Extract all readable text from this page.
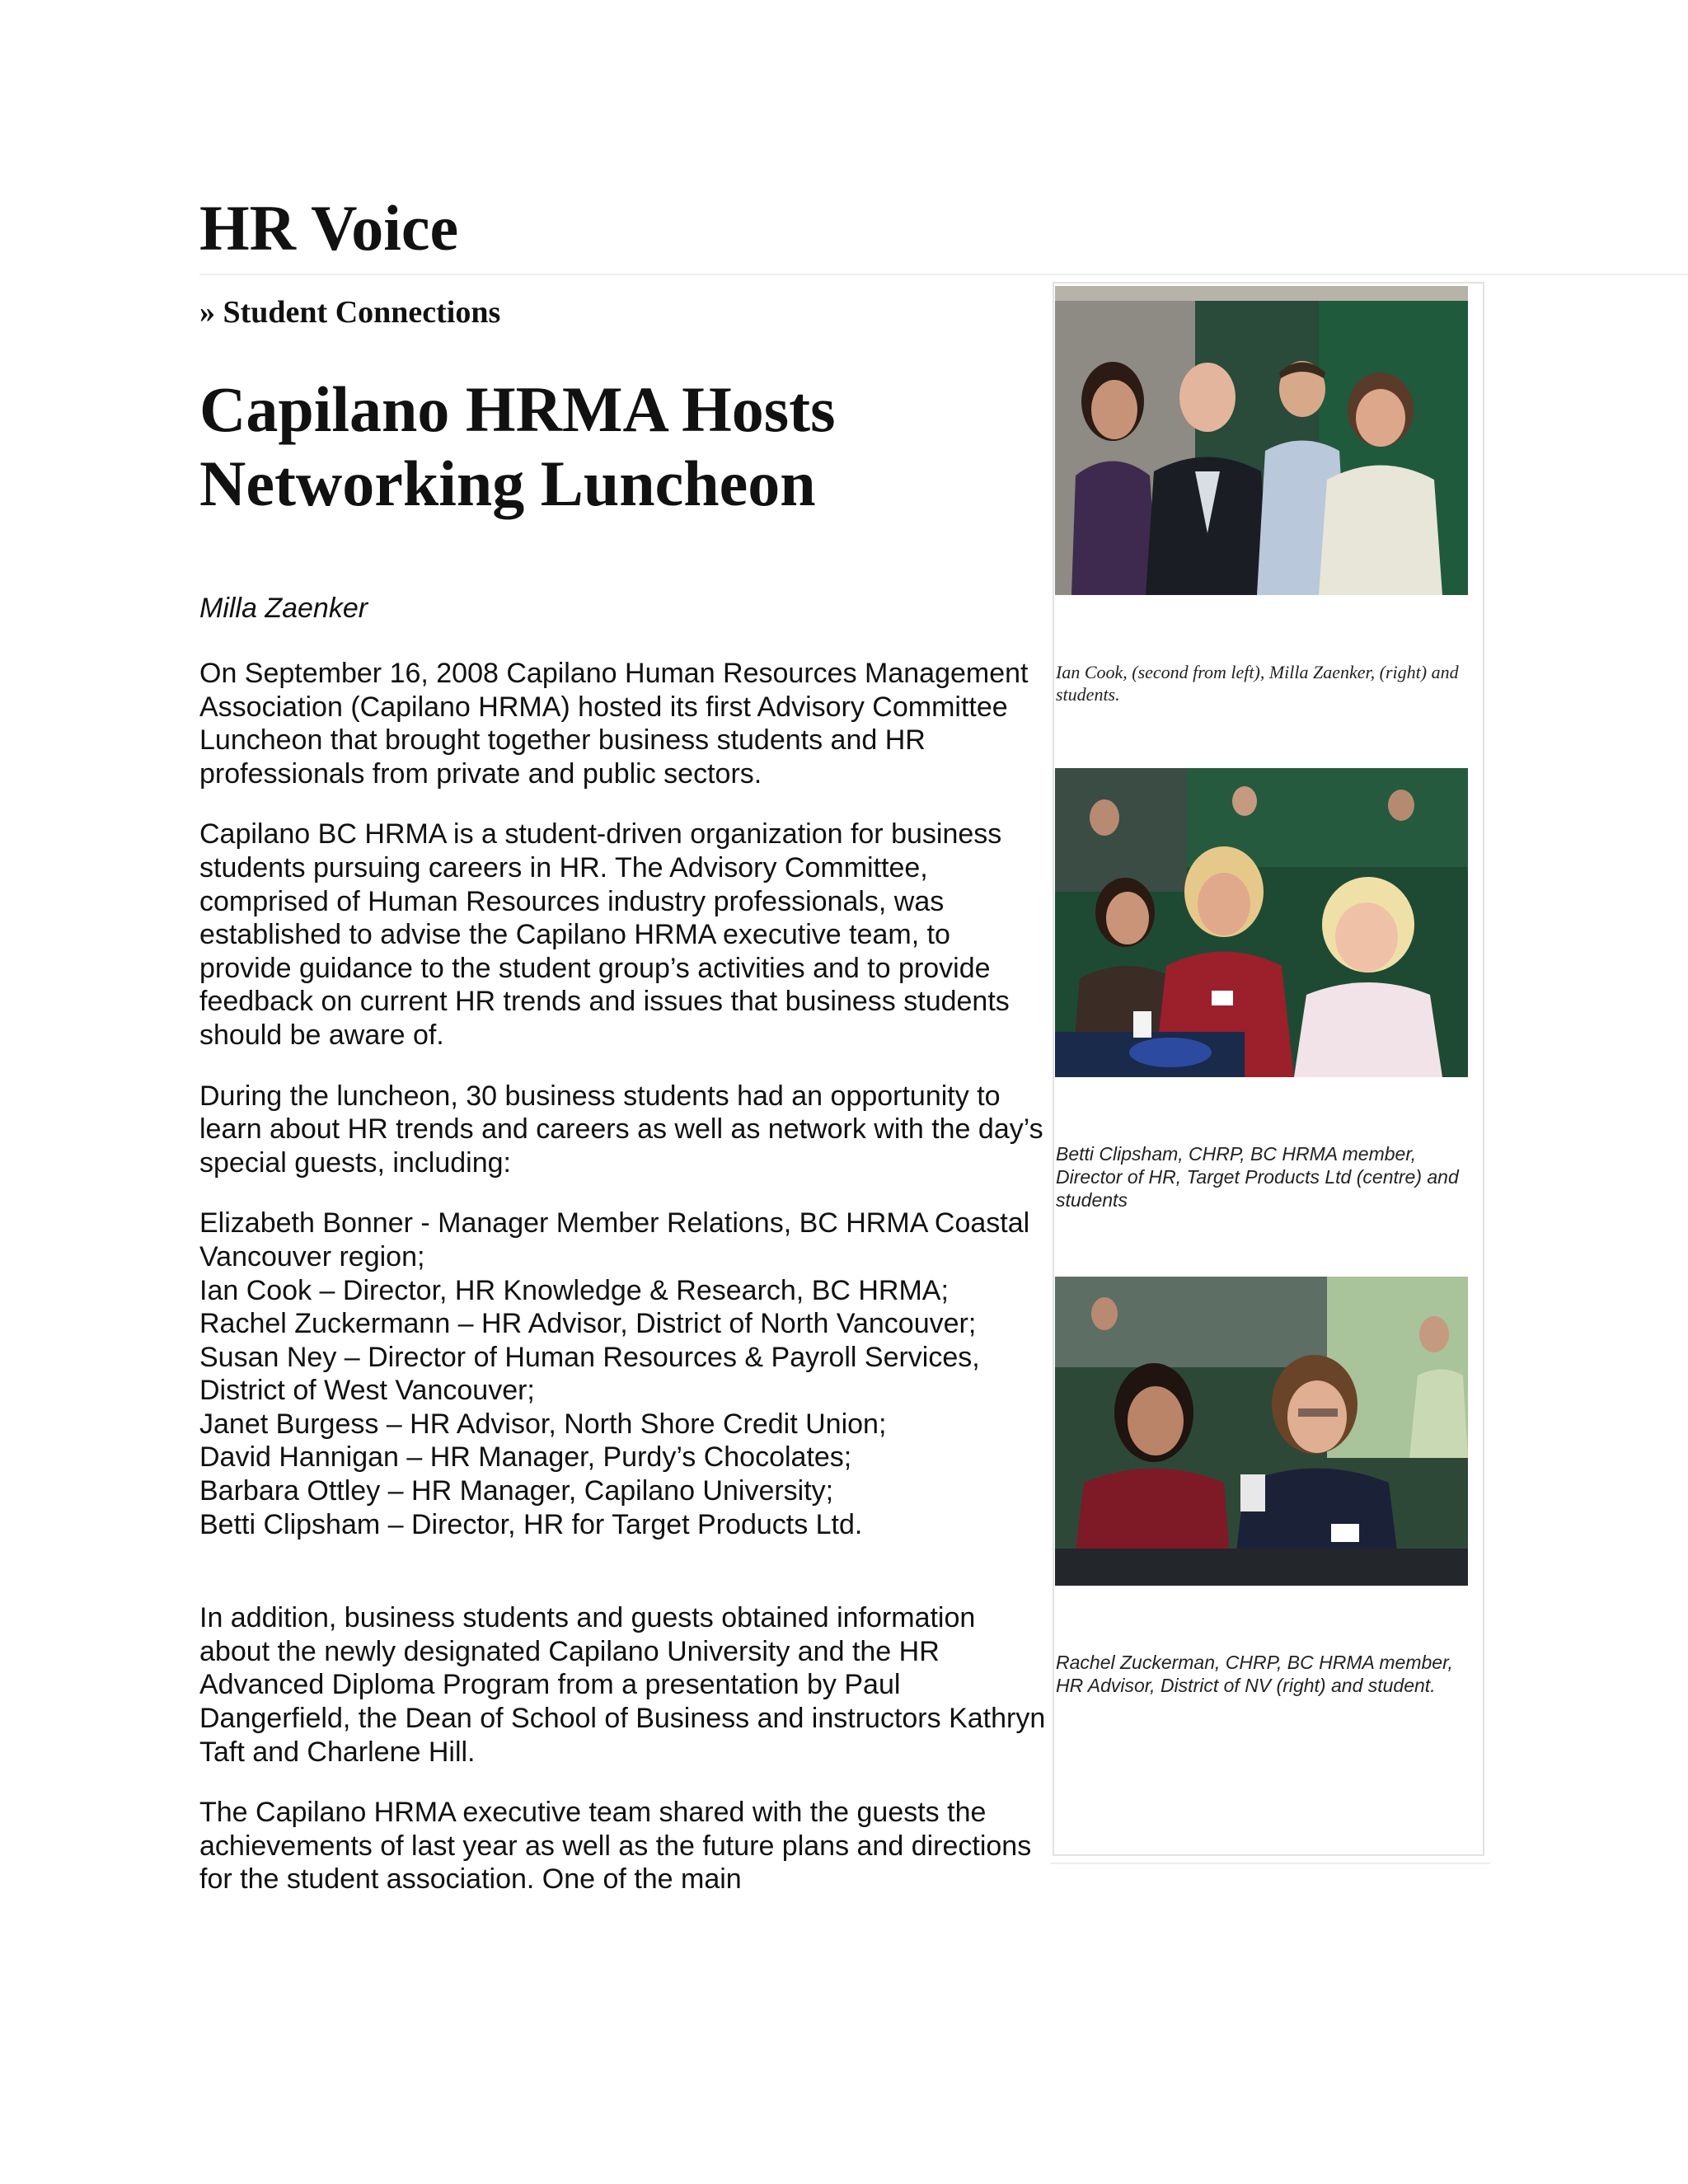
HR Voice
» Student Connections
Capilano HRMA Hosts Networking Luncheon
Milla Zaenker

On September 16, 2008 Capilano Human Resources Management Association (Capilano HRMA) hosted its first Advisory Committee Luncheon that brought together business students and HR professionals from private and public sectors.

Capilano BC HRMA is a student-driven organization for business students pursuing careers in HR. The Advisory Committee, comprised of Human Resources industry professionals, was established to advise the Capilano HRMA executive team, to provide guidance to the student group’s activities and to provide feedback on current HR trends and issues that business students should be aware of.

During the luncheon, 30 business students had an opportunity to learn about HR trends and careers as well as network with the day’s special guests, including:

Elizabeth Bonner - Manager Member Relations, BC HRMA Coastal Vancouver region;
Ian Cook – Director, HR Knowledge & Research, BC HRMA;
Rachel Zuckermann – HR Advisor, District of North Vancouver;
Susan Ney – Director of Human Resources & Payroll Services, District of West Vancouver;
Janet Burgess – HR Advisor, North Shore Credit Union;
David Hannigan – HR Manager, Purdy’s Chocolates;
Barbara Ottley – HR Manager, Capilano University;
Betti Clipsham – Director, HR for Target Products Ltd.

In addition, business students and guests obtained information about the newly designated Capilano University and the HR Advanced Diploma Program from a presentation by Paul Dangerfield, the Dean of School of Business and instructors Kathryn Taft and Charlene Hill.

The Capilano HRMA executive team shared with the guests the achievements of last year as well as the future plans and directions for the student association. One of the main

Ian Cook, (second from left), Milla Zaenker, (right) and students.
Betti Clipsham, CHRP, BC HRMA member, Director of HR, Target Products Ltd (centre) and students
Rachel Zuckerman, CHRP, BC HRMA member, HR Advisor, District of NV (right) and student.
